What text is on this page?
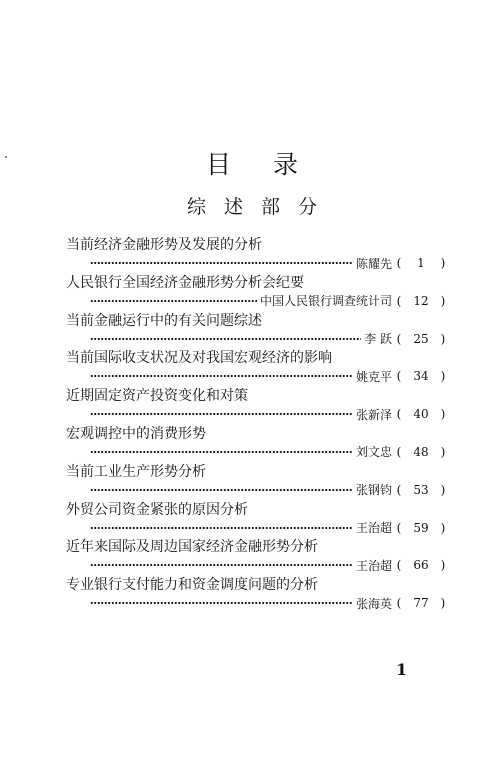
目录
综述部分
当前经济金融形势及发展的分析
陈耀先 (	1	)
人民银行全国经济金融形势分析会纪要
中国人民银行调查统计司 (	12	)
当前金融运行中的有关问题综述
李 跃 (	25	)
当前国际收支状况及对我国宏观经济的影响
姚克平 (	34	)
近期固定资产投资变化和对策
张新泽 (	40	)
宏观调控中的消费形势
刘文忠 (	48	)
当前工业生产形势分析
张钢钧 (	53	)
外贸公司资金紧张的原因分析
王治超 (	59	)
近年来国际及周边国家经济金融形势分析
王治超 (	66	)
专业银行支付能力和资金调度问题的分析
张海英 (	77	)
1
